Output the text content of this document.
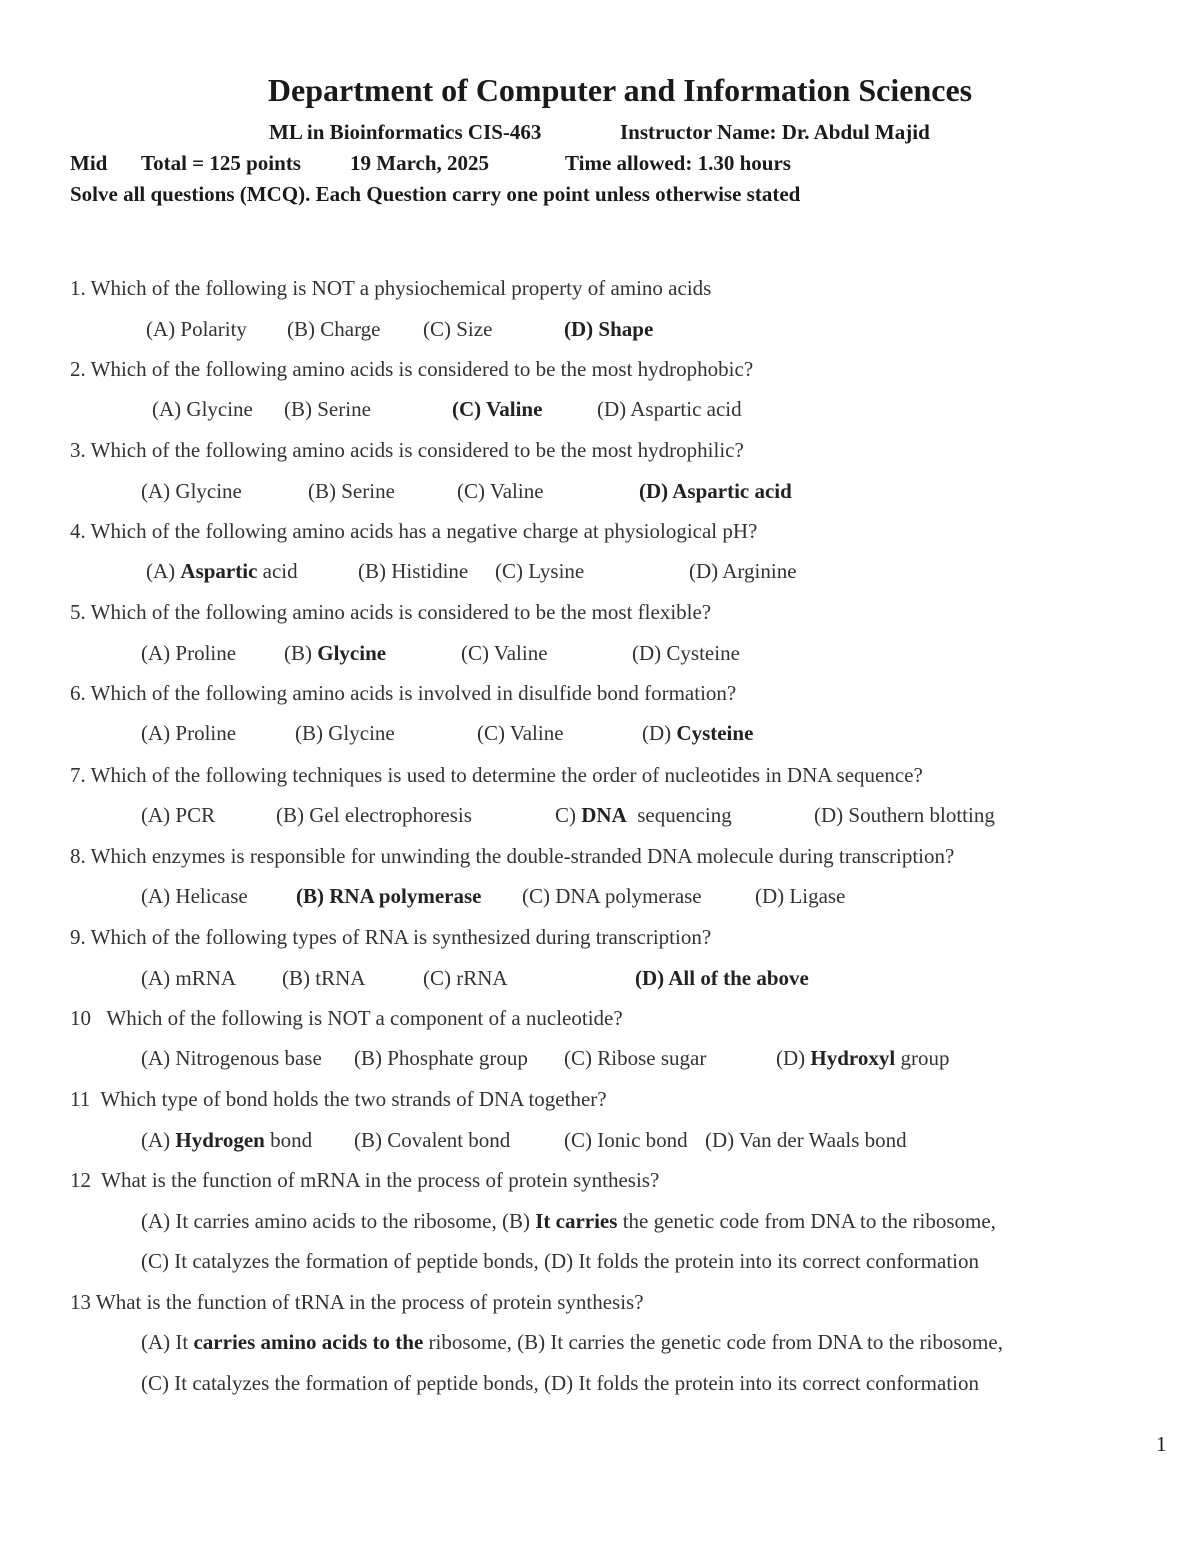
Department of Computer and Information Sciences
ML in Bioinformatics CIS-463	Instructor Name: Dr. Abdul Majid
Mid Total = 125 points 19 March, 2025	Time allowed: 1.30 hours

Solve all questions (MCQ). Each Question carry one point unless otherwise stated

1. Which of the following is NOT a physiochemical property of amino acids

(A) Polarity (B) Charge (C) Size	(D) Shape

2. Which of the following amino acids is considered to be the most hydrophobic?

(A) Glycine (B) Serine	(C) Valine	(D) Aspartic acid

3. Which of the following amino acids is considered to be the most hydrophilic?

(A) Glycine	(B) Serine	(C) Valine	(D) Aspartic acid

4. Which of the following amino acids has a negative charge at physiological pH?

(A) Aspartic acid	(B) Histidine (C) Lysine	(D) Arginine

5. Which of the following amino acids is considered to be the most flexible?

(A) Proline (B) Glycine	(C) Valine	(D) Cysteine

6. Which of the following amino acids is involved in disulfide bond formation?

(A) Proline	(B) Glycine	(C) Valine	(D) Cysteine

7. Which of the following techniques is used to determine the order of nucleotides in DNA sequence?

(A) PCR	(B) Gel electrophoresis	C) DNA  sequencing	(D) Southern blotting

8. Which enzymes is responsible for unwinding the double-stranded DNA molecule during transcription?

(A) Helicase (B) RNA polymerase (C) DNA polymerase	(D) Ligase

9. Which of the following types of RNA is synthesized during transcription?

(A) mRNA (B) tRNA	(C) rRNA	(D) All of the above

10   Which of the following is NOT a component of a nucleotide?

(A) Nitrogenous base (B) Phosphate group (C) Ribose sugar	(D) Hydroxyl group

11  Which type of bond holds the two strands of DNA together?

(A) Hydrogen bond (B) Covalent bond	(C) Ionic bond (D) Van der Waals bond

12  What is the function of mRNA in the process of protein synthesis?

(A) It carries amino acids to the ribosome, (B) It carries the genetic code from DNA to the ribosome,

(C) It catalyzes the formation of peptide bonds, (D) It folds the protein into its correct conformation

13 What is the function of tRNA in the process of protein synthesis?

(A) It carries amino acids to the ribosome, (B) It carries the genetic code from DNA to the ribosome,

(C) It catalyzes the formation of peptide bonds, (D) It folds the protein into its correct conformation

1
